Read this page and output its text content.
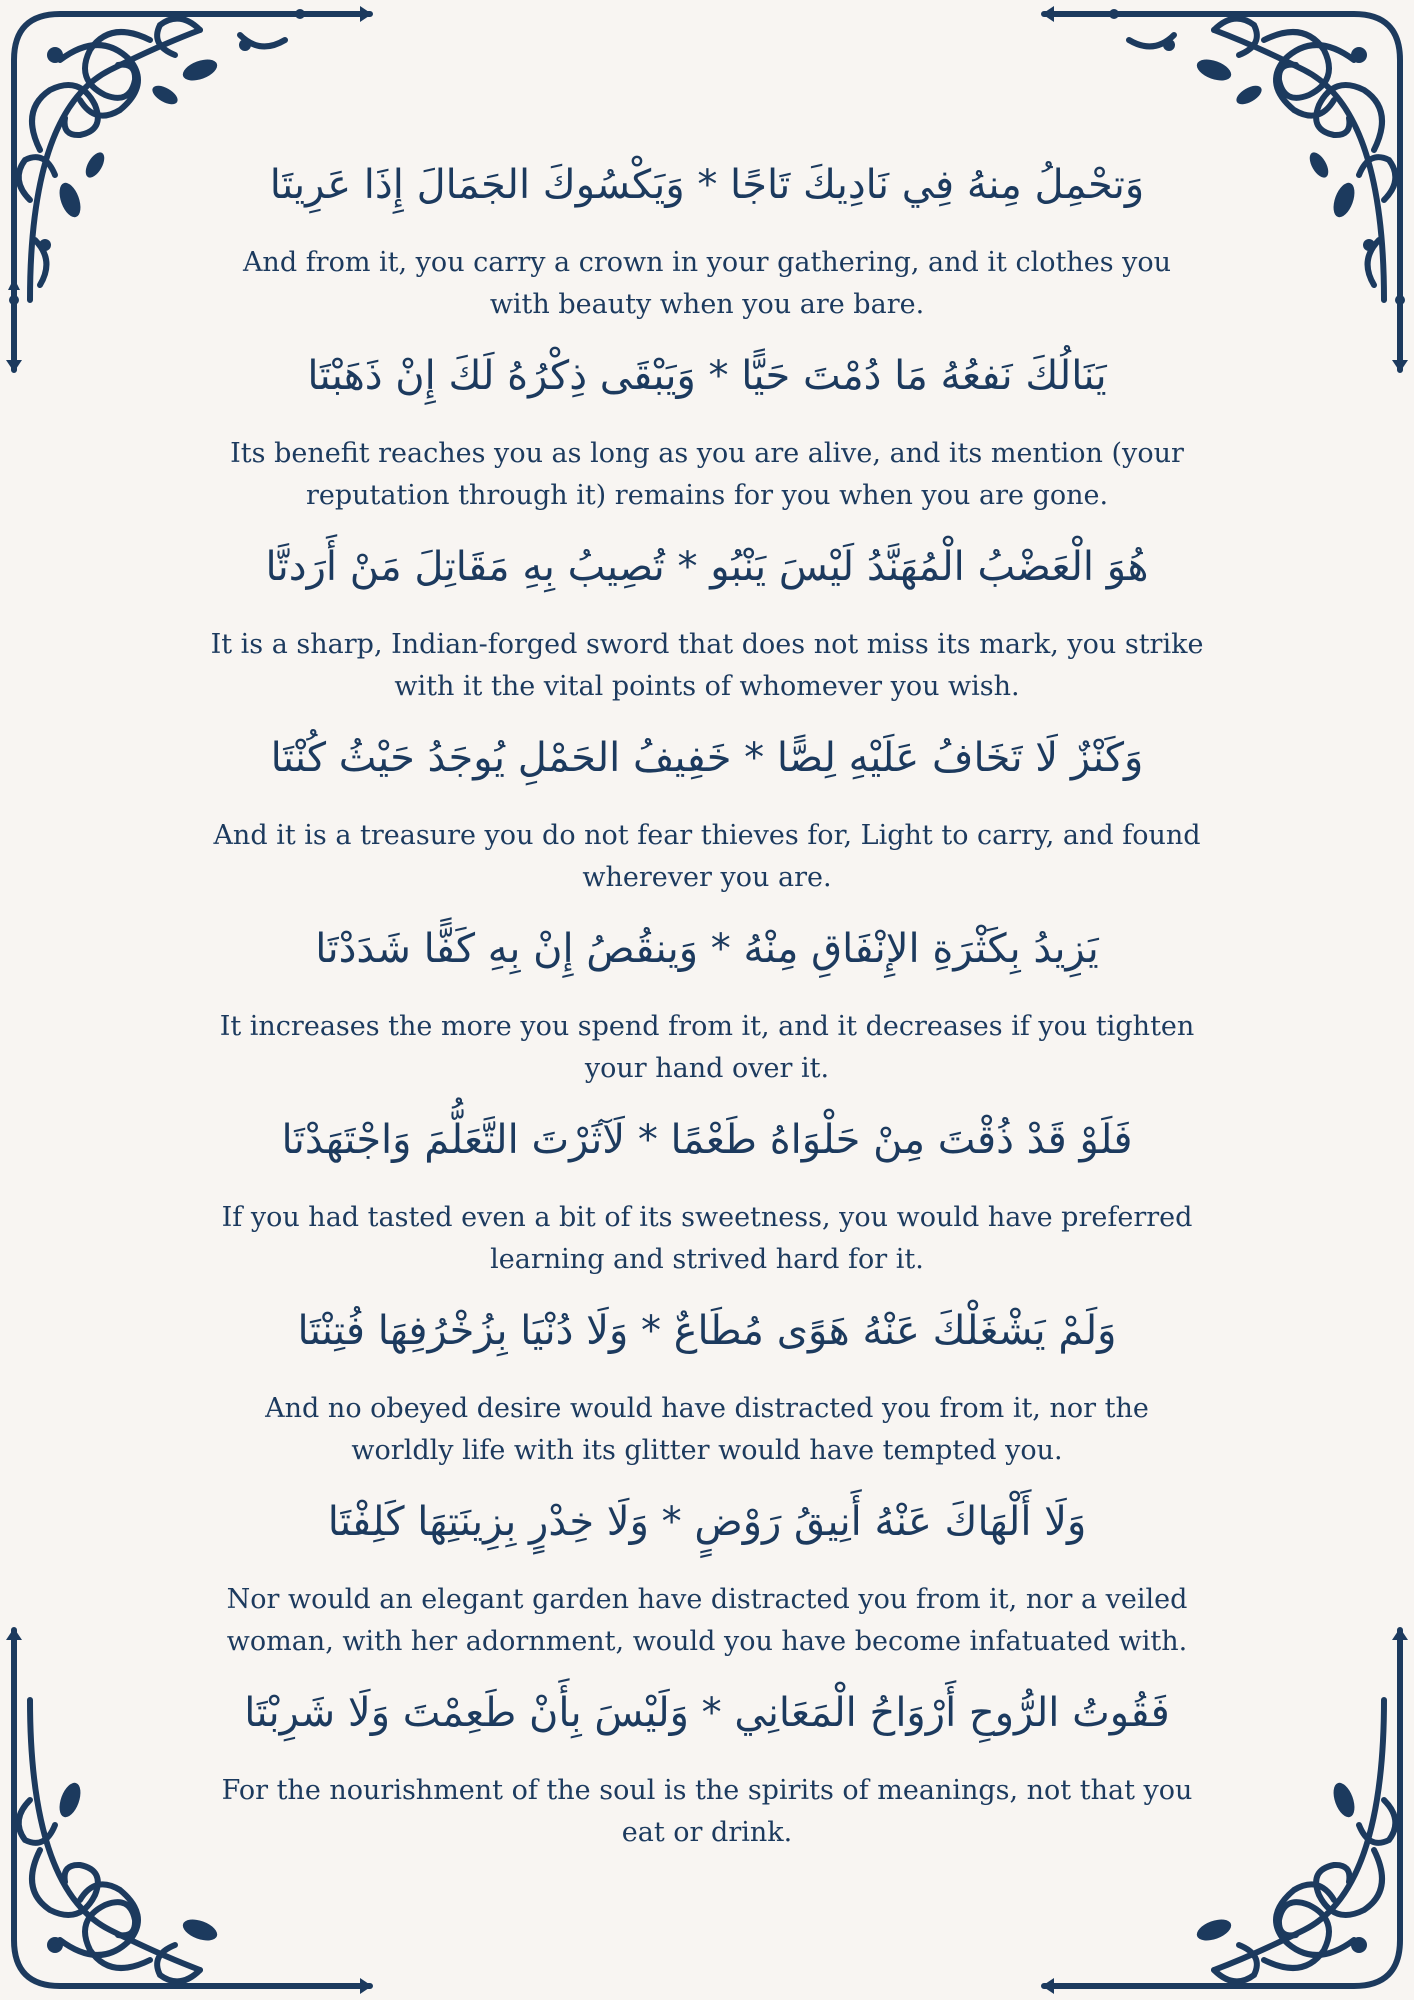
وَتحْمِلُ مِنهُ فِي نَادِيكَ تَاجًا * وَيَكْسُوكَ الجَمَالَ إِذَا عَرِيتَا
And from it, you carry a crown in your gathering, and it clothes you with beauty when you are bare.
يَنَالُكَ نَفعُهُ مَا دُمْتَ حَيًّا * وَيَبْقَى ذِكْرُهُ لَكَ إِنْ ذَهَبْتَا
Its benefit reaches you as long as you are alive, and its mention (your reputation through it) remains for you when you are gone.
هُوَ الْعَضْبُ الْمُهَنَّدُ لَيْسَ يَنْبُو * تُصِيبُ بِهِ مَقَاتِلَ مَنْ أَرَدتَّا
It is a sharp, Indian-forged sword that does not miss its mark, you strike with it the vital points of whomever you wish.
وَكَنْزٌ لَا تَخَافُ عَلَيْهِ لِصًّا * خَفِيفُ الحَمْلِ يُوجَدُ حَيْثُ كُنْتَا
And it is a treasure you do not fear thieves for, Light to carry, and found wherever you are.
يَزِيدُ بِكَثْرَةِ الإِنْفَاقِ مِنْهُ * وَينقُصُ إِنْ بِهِ كَفًّا شَدَدْتَا
It increases the more you spend from it, and it decreases if you tighten your hand over it.
فَلَوْ قَدْ ذُقْتَ مِنْ حَلْوَاهُ طَعْمًا * لَآثَرْتَ التَّعَلُّمَ وَاجْتَهَدْتَا
If you had tasted even a bit of its sweetness, you would have preferred learning and strived hard for it.
وَلَمْ يَشْغَلْكَ عَنْهُ هَوًى مُطَاعٌ * وَلَا دُنْيَا بِزُخْرُفِهَا فُتِنْتَا
And no obeyed desire would have distracted you from it, nor the worldly life with its glitter would have tempted you.
وَلَا أَلْهَاكَ عَنْهُ أَنِيقُ رَوْضٍ * وَلَا خِدْرٍ بِزِينَتِهَا كَلِفْتَا
Nor would an elegant garden have distracted you from it, nor a veiled woman, with her adornment, would you have become infatuated with.
فَقُوتُ الرُّوحِ أَرْوَاحُ الْمَعَانِي * وَلَيْسَ بِأَنْ طَعِمْتَ وَلَا شَرِبْتَا
For the nourishment of the soul is the spirits of meanings, not that you eat or drink.
